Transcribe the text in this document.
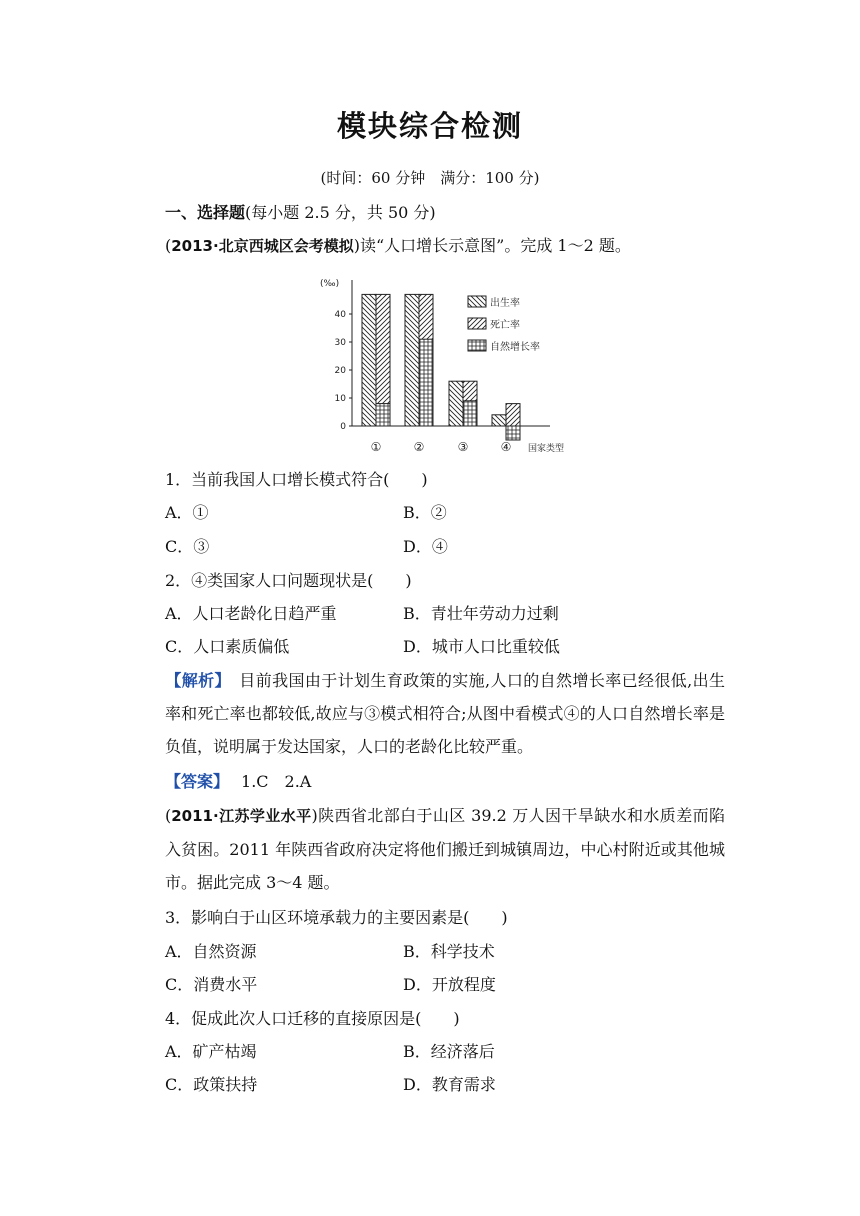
模块综合检测
(时间：60 分钟　满分：100 分)
一、选择题(每小题 2.5 分，共 50 分)
(2013·北京西城区会考模拟)读“人口增长示意图”。完成 1～2 题。
(‰)
0
10
20
30
40
①	②	③	④ 国家类型
出生率
死亡率
自然增长率
1．当前我国人口增长模式符合(　　)
A．①	B．②
C．③	D．④
2．④类国家人口问题现状是(　　)
A．人口老龄化日趋严重	B．青壮年劳动力过剩
C．人口素质偏低	D．城市人口比重较低
【解析】 目前我国由于计划生育政策的实施,人口的自然增长率已经很低,出生率和死亡率也都较低,故应与③模式相符合;从图中看模式④的人口自然增长率是负值，说明属于发达国家，人口的老龄化比较严重。
【答案】 1.C　2.A
(2011·江苏学业水平)陕西省北部白于山区 39.2 万人因干旱缺水和水质差而陷入贫困。2011 年陕西省政府决定将他们搬迁到城镇周边，中心村附近或其他城市。据此完成 3～4 题。
3．影响白于山区环境承载力的主要因素是(　　)
A．自然资源	B．科学技术
C．消费水平	D．开放程度
4．促成此次人口迁移的直接原因是(　　)
A．矿产枯竭	B．经济落后
C．政策扶持	D．教育需求
